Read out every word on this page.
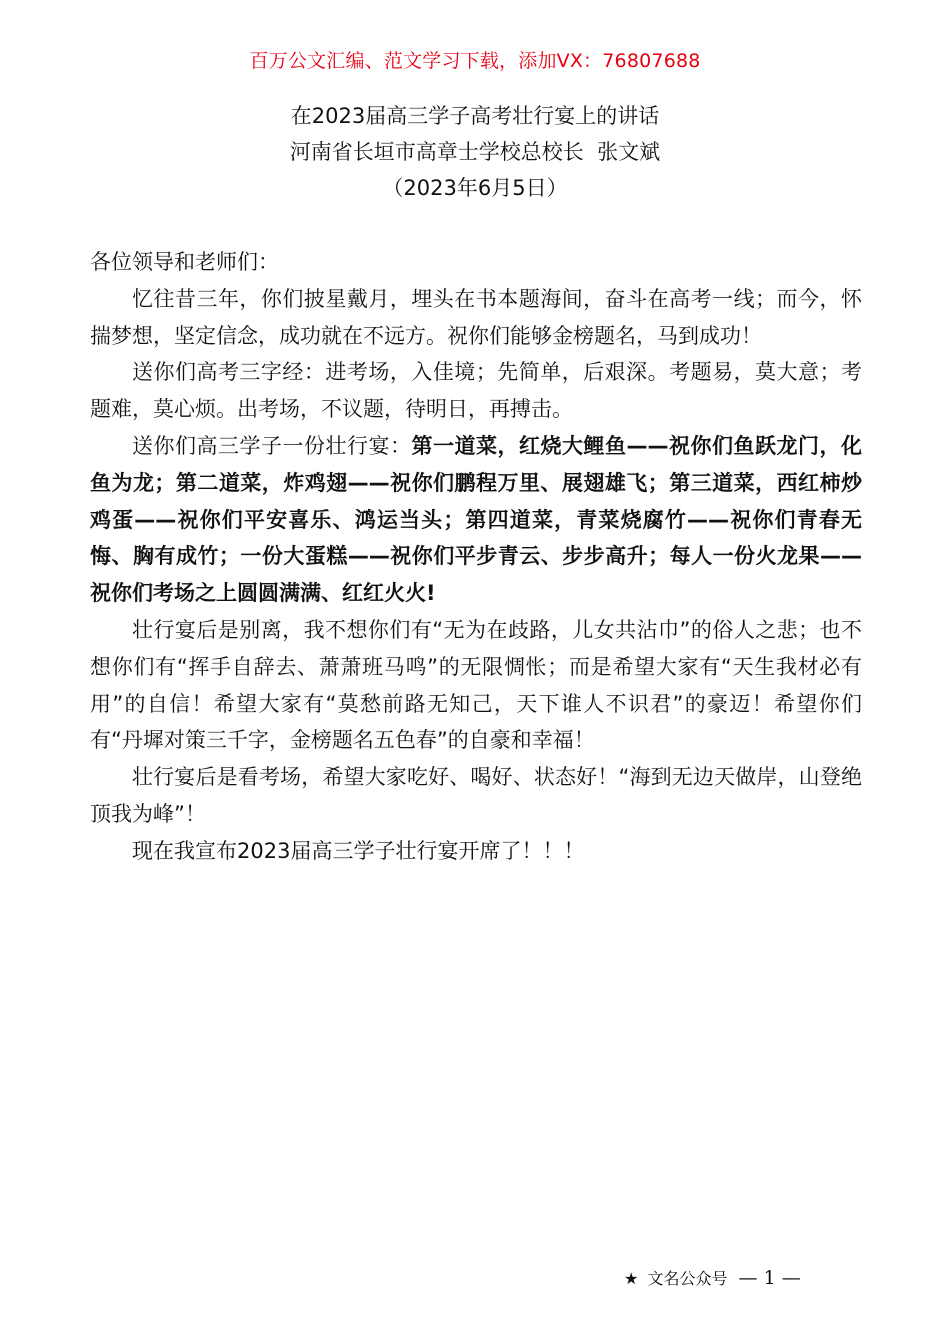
百万公文汇编、范文学习下载，添加VX：76807688
在2023届高三学子高考壮行宴上的讲话
河南省长垣市高章士学校总校长  张文斌
（2023年6月5日）

各位领导和老师们：

忆往昔三年，你们披星戴月，埋头在书本题海间，奋斗在高考一线；而今，怀揣梦想，坚定信念，成功就在不远方。祝你们能够金榜题名，马到成功！

送你们高考三字经：进考场，入佳境；先简单，后艰深。考题易，莫大意；考题难，莫心烦。出考场，不议题，待明日，再搏击。

送你们高三学子一份壮行宴：第一道菜，红烧大鲤鱼——祝你们鱼跃龙门，化鱼为龙；第二道菜，炸鸡翅——祝你们鹏程万里、展翅雄飞；第三道菜，西红柿炒鸡蛋——祝你们平安喜乐、鸿运当头；第四道菜，青菜烧腐竹——祝你们青春无悔、胸有成竹；一份大蛋糕——祝你们平步青云、步步高升；每人一份火龙果——祝你们考场之上圆圆满满、红红火火!

壮行宴后是别离，我不想你们有“无为在歧路，儿女共沾巾”的俗人之悲；也不想你们有“挥手自辞去、萧萧班马鸣”的无限惆怅；而是希望大家有“天生我材必有用”的自信！希望大家有“莫愁前路无知己，天下谁人不识君”的豪迈！希望你们有“丹墀对策三千字，金榜题名五色春”的自豪和幸福！

壮行宴后是看考场，希望大家吃好、喝好、状态好！“海到无边天做岸，山登绝顶我为峰”！

现在我宣布2023届高三学子壮行宴开席了！！！

★ 文名公众号 — 1 —
